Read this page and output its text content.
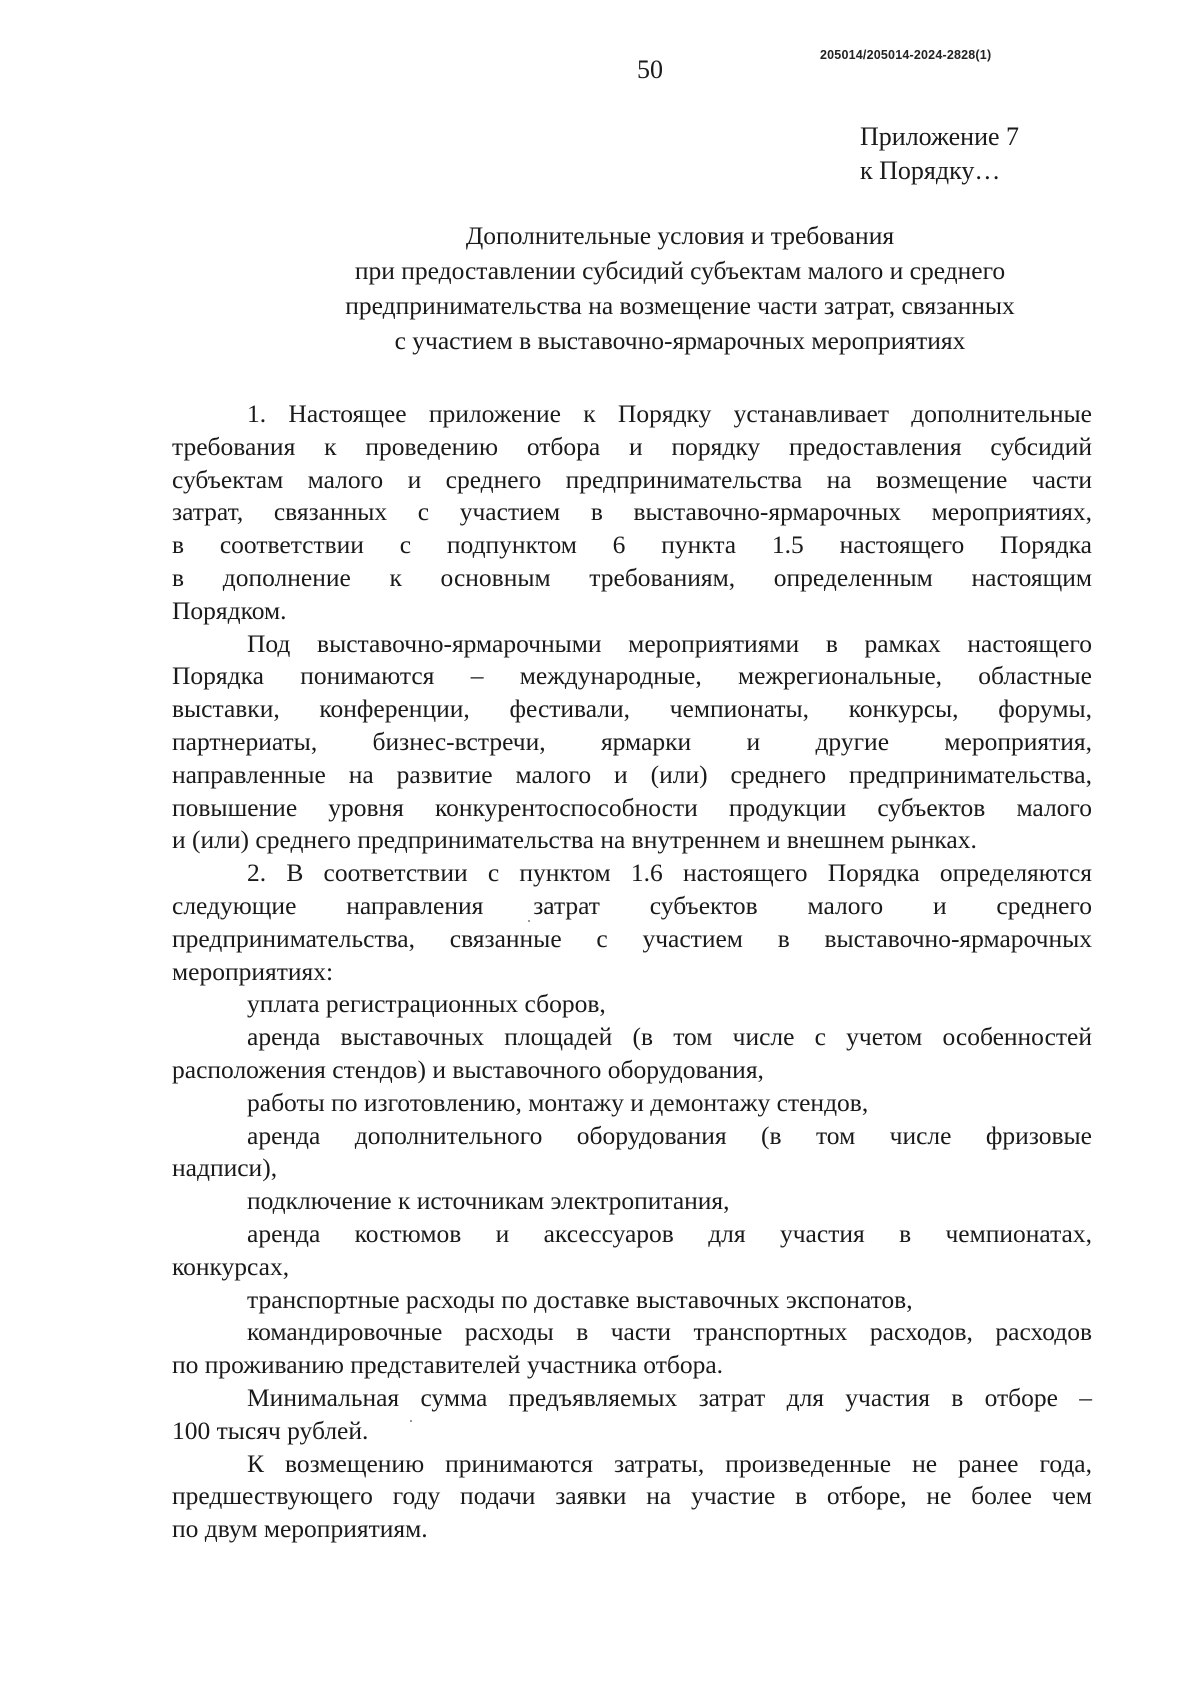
205014/205014-2024-2828(1)
50
Приложение 7
к Порядку…
Дополнительные условия и требования
при предоставлении субсидий субъектам малого и среднего
предпринимательства на возмещение части затрат, связанных
с участием в выставочно-ярмарочных мероприятиях
1. Настоящее приложение к Порядку устанавливает дополнительные
требования к проведению отбора и порядку предоставления субсидий
субъектам малого и среднего предпринимательства на возмещение части
затрат, связанных с участием в выставочно-ярмарочных мероприятиях,
в соответствии с подпунктом 6 пункта 1.5 настоящего Порядка
в дополнение к основным требованиям, определенным настоящим
Порядком.
Под выставочно-ярмарочными мероприятиями в рамках настоящего
Порядка понимаются – международные, межрегиональные, областные
выставки, конференции, фестивали, чемпионаты, конкурсы, форумы,
партнериаты, бизнес-встречи, ярмарки и другие мероприятия,
направленные на развитие малого и (или) среднего предпринимательства,
повышение уровня конкурентоспособности продукции субъектов малого
и (или) среднего предпринимательства на внутреннем и внешнем рынках.
2. В соответствии с пунктом 1.6 настоящего Порядка определяются
следующие направления затрат субъектов малого и среднего
предпринимательства, связанные с участием в выставочно-ярмарочных
мероприятиях:
уплата регистрационных сборов,
аренда выставочных площадей (в том числе с учетом особенностей
расположения стендов) и выставочного оборудования,
работы по изготовлению, монтажу и демонтажу стендов,
аренда дополнительного оборудования (в том числе фризовые
надписи),
подключение к источникам электропитания,
аренда костюмов и аксессуаров для участия в чемпионатах,
конкурсах,
транспортные расходы по доставке выставочных экспонатов,
командировочные расходы в части транспортных расходов, расходов
по проживанию представителей участника отбора.
Минимальная сумма предъявляемых затрат для участия в отборе –
100 тысяч рублей.
К возмещению принимаются затраты, произведенные не ранее года,
предшествующего году подачи заявки на участие в отборе, не более чем
по двум мероприятиям.
